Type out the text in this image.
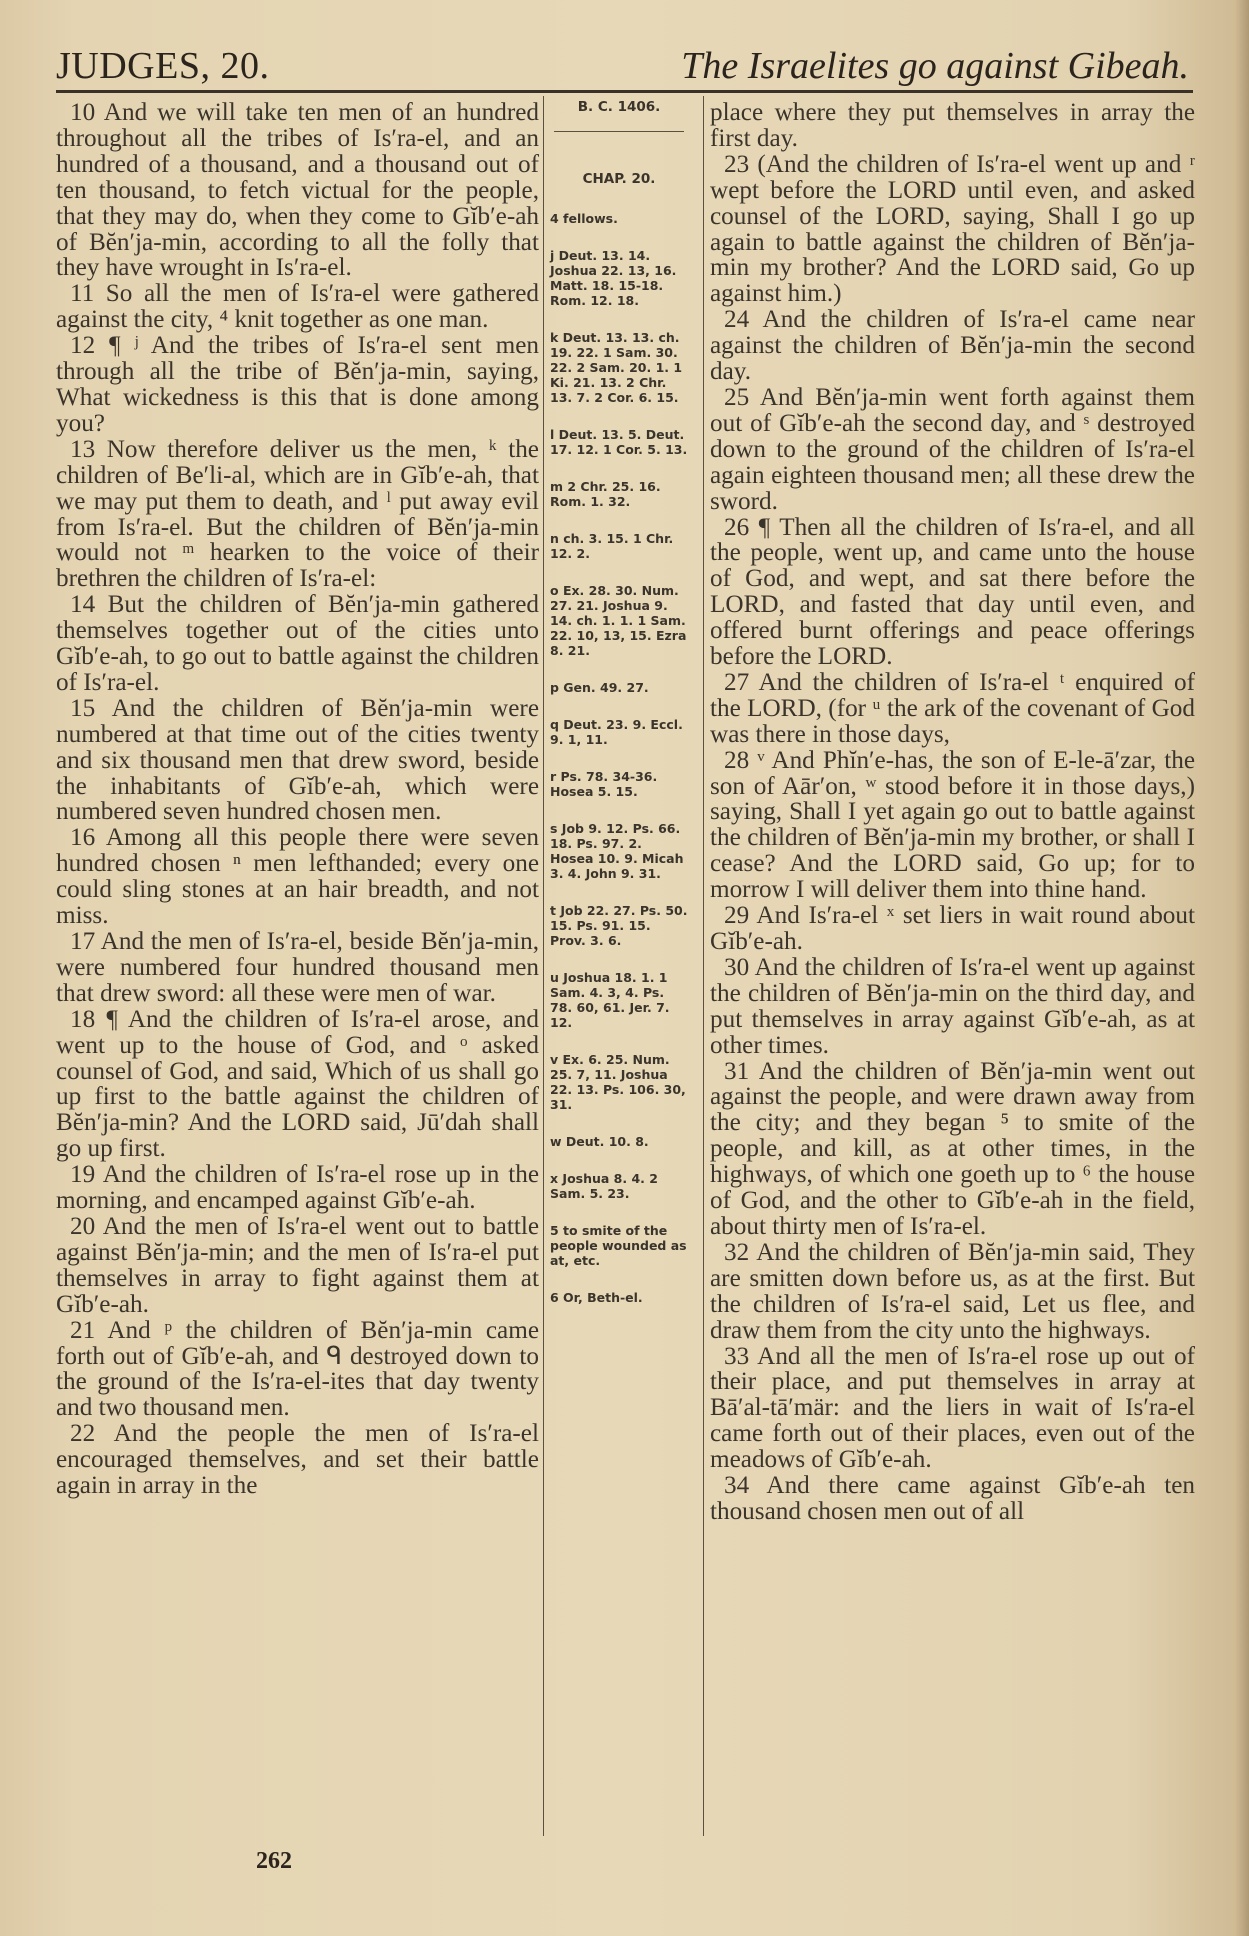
JUDGES, 20.	The Israelites go against Gibeah.

10 And we will take ten men of an hundred throughout all the tribes of Is′ra-el, and an hundred of a thousand, and a thousand out of ten thousand, to fetch victual for the people, that they may do, when they come to Gĭb′e-ah of Bĕn′ja-min, according to all the folly that they have wrought in Is′ra-el.

11 So all the men of Is′ra-el were gathered against the city, ⁴ knit together as one man.

12 ¶ ʲ And the tribes of Is′ra-el sent men through all the tribe of Bĕn′ja-min, saying, What wickedness is this that is done among you?

13 Now therefore deliver us the men, ᵏ the children of Be′li-al, which are in Gĭb′e-ah, that we may put them to death, and ˡ put away evil from Is′ra-el. But the children of Bĕn′ja-min would not ᵐ hearken to the voice of their brethren the children of Is′ra-el:

14 But the children of Bĕn′ja-min gathered themselves together out of the cities unto Gĭb′e-ah, to go out to battle against the children of Is′ra-el.

15 And the children of Bĕn′ja-min were numbered at that time out of the cities twenty and six thousand men that drew sword, beside the inhabitants of Gĭb′e-ah, which were numbered seven hundred chosen men.

16 Among all this people there were seven hundred chosen ⁿ men lefthanded; every one could sling stones at an hair breadth, and not miss.

17 And the men of Is′ra-el, beside Bĕn′ja-min, were numbered four hundred thousand men that drew sword: all these were men of war.

18 ¶ And the children of Is′ra-el arose, and went up to the house of God, and ᵒ asked counsel of God, and said, Which of us shall go up first to the battle against the children of Bĕn′ja-min? And the LORD said, Jū′dah shall go up first.

19 And the children of Is′ra-el rose up in the morning, and encamped against Gĭb′e-ah.

20 And the men of Is′ra-el went out to battle against Bĕn′ja-min; and the men of Is′ra-el put themselves in array to fight against them at Gĭb′e-ah.

21 And ᵖ the children of Bĕn′ja-min came forth out of Gĭb′e-ah, and ᑫ destroyed down to the ground of the Is′ra-el-ites that day twenty and two thousand men.

22 And the people the men of Is′ra-el encouraged themselves, and set their battle again in array in the

B. C. 1406.
CHAP. 20.
4 fellows.
j Deut. 13. 14. Joshua 22. 13, 16. Matt. 18. 15-18. Rom. 12. 18.
k Deut. 13. 13. ch. 19. 22. 1 Sam. 30. 22. 2 Sam. 20. 1. 1 Ki. 21. 13. 2 Chr. 13. 7. 2 Cor. 6. 15.
l Deut. 13. 5. Deut. 17. 12. 1 Cor. 5. 13.
m 2 Chr. 25. 16. Rom. 1. 32.
n ch. 3. 15. 1 Chr. 12. 2.
o Ex. 28. 30. Num. 27. 21. Joshua 9. 14. ch. 1. 1. 1 Sam. 22. 10, 13, 15. Ezra 8. 21.
p Gen. 49. 27.
q Deut. 23. 9. Eccl. 9. 1, 11.
r Ps. 78. 34-36. Hosea 5. 15.
s Job 9. 12. Ps. 66. 18. Ps. 97. 2. Hosea 10. 9. Micah 3. 4. John 9. 31.
t Job 22. 27. Ps. 50. 15. Ps. 91. 15. Prov. 3. 6.
u Joshua 18. 1. 1 Sam. 4. 3, 4. Ps. 78. 60, 61. Jer. 7. 12.
v Ex. 6. 25. Num. 25. 7, 11. Joshua 22. 13. Ps. 106. 30, 31.
w Deut. 10. 8.
x Joshua 8. 4. 2 Sam. 5. 23.
5 to smite of the people wounded as at, etc.
6 Or, Beth-el.

place where they put themselves in array the first day.

23 (And the children of Is′ra-el went up and ʳ wept before the LORD until even, and asked counsel of the LORD, saying, Shall I go up again to battle against the children of Bĕn′ja-min my brother? And the LORD said, Go up against him.)

24 And the children of Is′ra-el came near against the children of Bĕn′ja-min the second day.

25 And Bĕn′ja-min went forth against them out of Gĭb′e-ah the second day, and ˢ destroyed down to the ground of the children of Is′ra-el again eighteen thousand men; all these drew the sword.

26 ¶ Then all the children of Is′ra-el, and all the people, went up, and came unto the house of God, and wept, and sat there before the LORD, and fasted that day until even, and offered burnt offerings and peace offerings before the LORD.

27 And the children of Is′ra-el ᵗ enquired of the LORD, (for ᵘ the ark of the covenant of God was there in those days,

28 ᵛ And Phĭn′e-has, the son of E-le-ā′zar, the son of Aār′on, ʷ stood before it in those days,) saying, Shall I yet again go out to battle against the children of Bĕn′ja-min my brother, or shall I cease? And the LORD said, Go up; for to morrow I will deliver them into thine hand.

29 And Is′ra-el ˣ set liers in wait round about Gĭb′e-ah.

30 And the children of Is′ra-el went up against the children of Bĕn′ja-min on the third day, and put themselves in array against Gĭb′e-ah, as at other times.

31 And the children of Bĕn′ja-min went out against the people, and were drawn away from the city; and they began ⁵ to smite of the people, and kill, as at other times, in the highways, of which one goeth up to ⁶ the house of God, and the other to Gĭb′e-ah in the field, about thirty men of Is′ra-el.

32 And the children of Bĕn′ja-min said, They are smitten down before us, as at the first. But the children of Is′ra-el said, Let us flee, and draw them from the city unto the highways.

33 And all the men of Is′ra-el rose up out of their place, and put themselves in array at Bā′al-tā′mär: and the liers in wait of Is′ra-el came forth out of their places, even out of the meadows of Gĭb′e-ah.

34 And there came against Gĭb′e-ah ten thousand chosen men out of all

262
